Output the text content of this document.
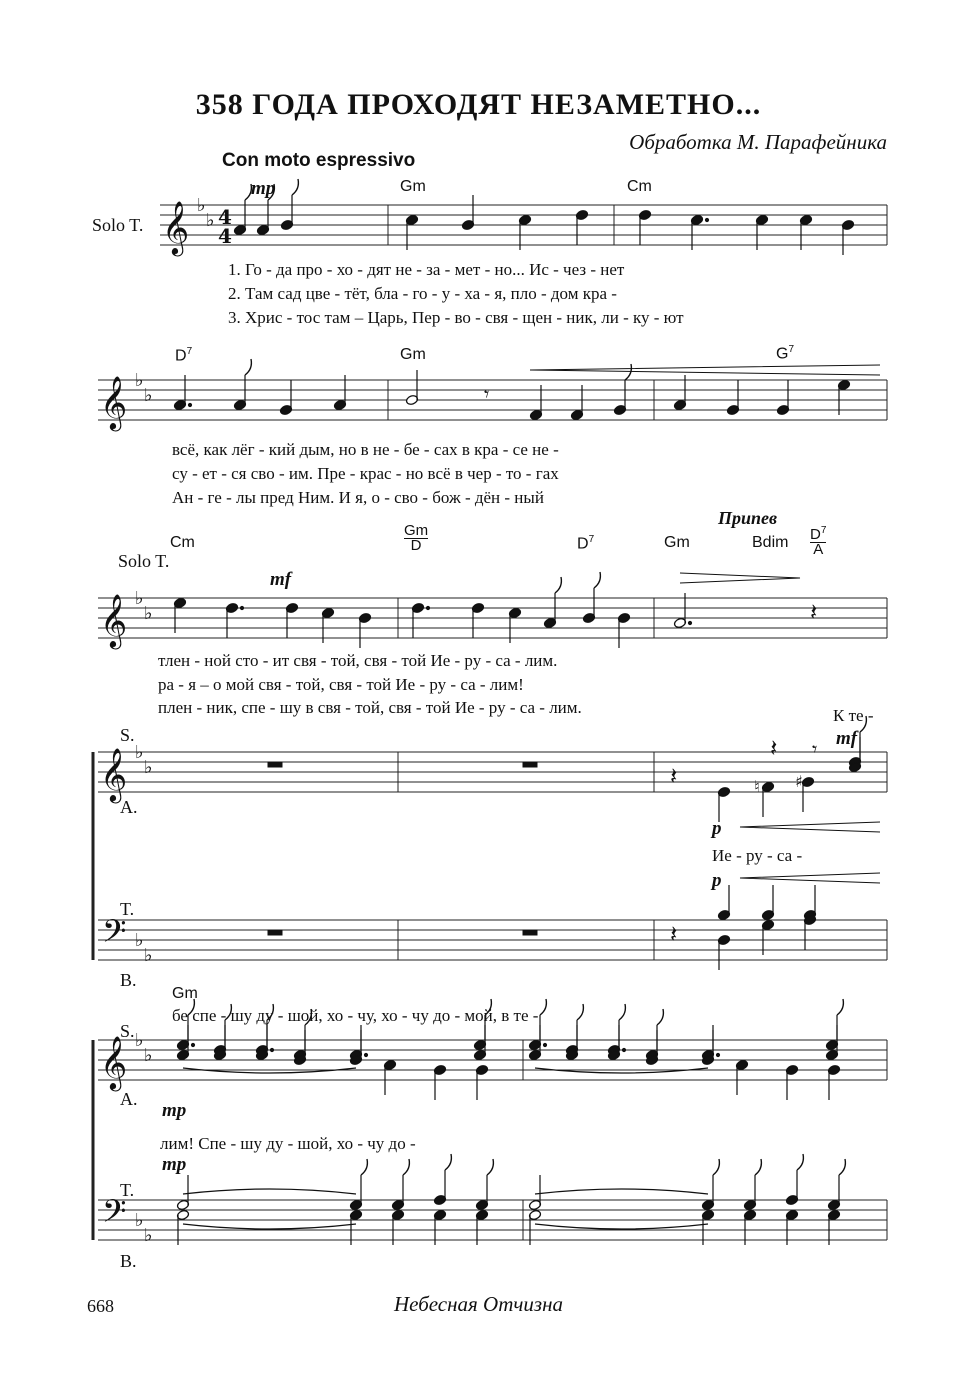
358 ГОДА ПРОХОДЯТ НЕЗАМЕТНО...
Обработка М. Парафейника
Con moto espressivo
mp	Gm	Cm
Solo T.
1. Го - да про - хо - дят не - за - мет - но... Ис - чез - нет
2. Там сад цве - тёт, бла - го - у - ха - я, пло - дом кра -
3. Хрис - тос там – Царь, Пер - во - свя - щен - ник, ли - ку - ют
$D^7$	Gm	$G^7$
всё, как лёг - кий дым, но в не - бе - сах в кра - се не -
су - ет - ся сво - им. Пре - крас - но всё в чер - то - гах
Ан - ге - лы пред Ним. И я, о - сво - бож - дён - ный
Припев
Cm	$\frac{Gm}{D}$	$D^7$	Gm	Bdim $\frac{D^7}{A}$
Solo T.
mf
тлен - ной сто - ит свя - той, свя - той Ие - ру - са - лим.
ра - я – о мой свя - той, свя - той Ие - ру - са - лим!
плен - ник, спе - шу в свя - той, свя - той Ие - ру - са - лим.	К те -
S.	mf
A.
p
Ие - ру - са -
p
T.
B.
Gm
бе спе - шу ду - шой, хо - чу, хо - чу до - мой, в те -
S.
A.
mp
лим! Спе - шу ду - шой, хо - чу до -
mp
T.
B.
668	Небесная Отчизна
𝄞 ♭
♭ 4
4
𝄞 ♭
♭	𝄾
𝄞 ♭
♭	𝄽
𝄞 ♭
♭
𝄢 ♭
♭
𝄽	♮ ♯
𝄽 𝄾
𝄽
𝄞 ♭
♭
𝄢 ♭
♭
